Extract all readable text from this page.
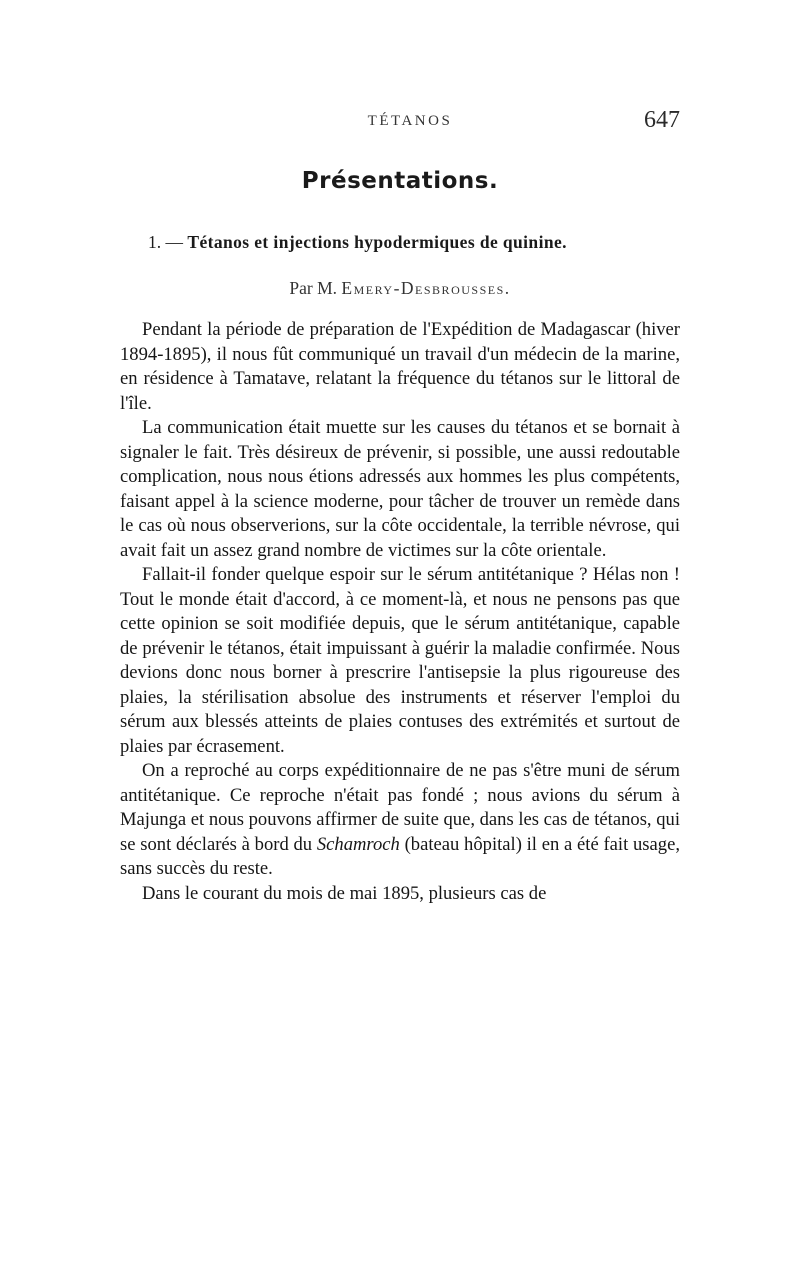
TÉTANOS	647
Présentations.
1. — Tétanos et injections hypodermiques de quinine.
Par M. Emery-Desbrousses.

Pendant la période de préparation de l'Expédition de Madagascar (hiver 1894-1895), il nous fût communiqué un travail d'un médecin de la marine, en résidence à Tamatave, relatant la fréquence du tétanos sur le littoral de l'île.

La communication était muette sur les causes du tétanos et se bornait à signaler le fait. Très désireux de prévenir, si possible, une aussi redoutable complication, nous nous étions adressés aux hommes les plus compétents, faisant appel à la science moderne, pour tâcher de trouver un remède dans le cas où nous observerions, sur la côte occidentale, la terrible névrose, qui avait fait un assez grand nombre de victimes sur la côte orientale.

Fallait-il fonder quelque espoir sur le sérum antitétanique ? Hélas non ! Tout le monde était d'accord, à ce moment-là, et nous ne pensons pas que cette opinion se soit modifiée depuis, que le sérum antitétanique, capable de prévenir le tétanos, était impuissant à guérir la maladie confirmée. Nous devions donc nous borner à prescrire l'antisepsie la plus rigoureuse des plaies, la stérilisation absolue des instruments et réserver l'emploi du sérum aux blessés atteints de plaies contuses des extrémités et surtout de plaies par écrasement.

On a reproché au corps expéditionnaire de ne pas s'être muni de sérum antitétanique. Ce reproche n'était pas fondé ; nous avions du sérum à Majunga et nous pouvons affirmer de suite que, dans les cas de tétanos, qui se sont déclarés à bord du Schamroch (bateau hôpital) il en a été fait usage, sans succès du reste.

Dans le courant du mois de mai 1895, plusieurs cas de
